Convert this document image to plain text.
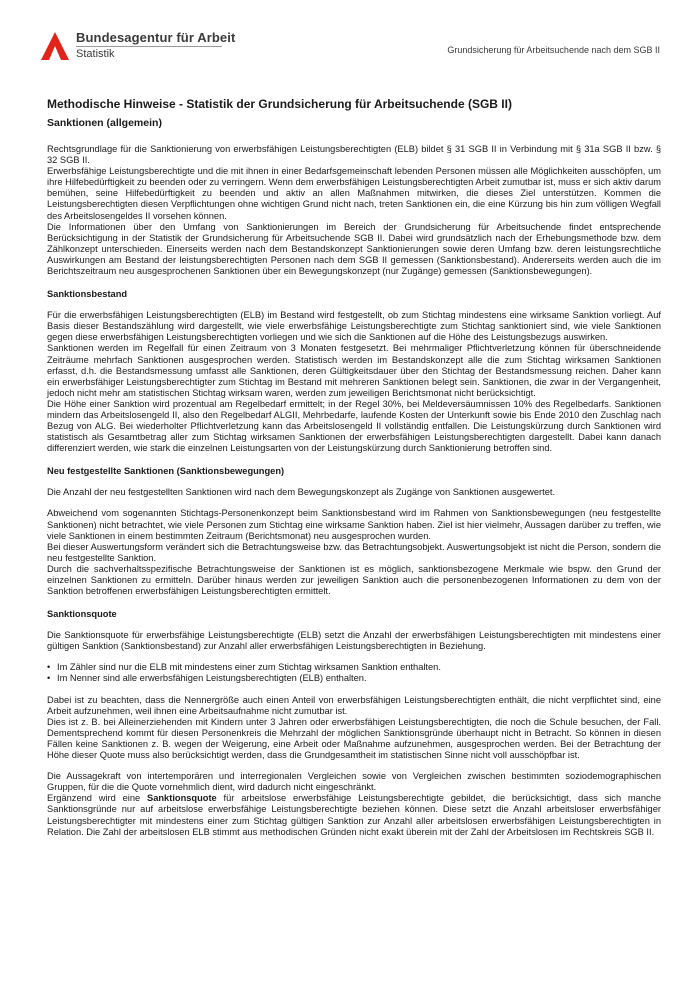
Bundesagentur für Arbeit
Statistik	Grundsicherung für Arbeitsuchende nach dem SGB II
Methodische Hinweise - Statistik der Grundsicherung für Arbeitsuchende (SGB II)
Sanktionen (allgemein)

Rechtsgrundlage für die Sanktionierung von erwerbsfähigen Leistungsberechtigten (ELB) bildet § 31 SGB II in Verbindung mit § 31a SGB II bzw. § 32 SGB II.

Erwerbsfähige Leistungsberechtigte und die mit ihnen in einer Bedarfsgemeinschaft lebenden Personen müssen alle Möglichkeiten ausschöpfen, um ihre Hilfebedürftigkeit zu beenden oder zu verringern. Wenn dem erwerbsfähigen Leistungsberechtigten Arbeit zumutbar ist, muss er sich aktiv darum bemühen, seine Hilfebedürftigkeit zu beenden und aktiv an allen Maßnahmen mitwirken, die dieses Ziel unterstützen. Kommen die Leistungsberechtigten diesen Verpflichtungen ohne wichtigen Grund nicht nach, treten Sanktionen ein, die eine Kürzung bis hin zum völligen Wegfall des Arbeitslosengeldes II vorsehen können.

Die Informationen über den Umfang von Sanktionierungen im Bereich der Grundsicherung für Arbeitsuchende findet entsprechende Berücksichtigung in der Statistik der Grundsicherung für Arbeitsuchende SGB II. Dabei wird grundsätzlich nach der Erhebungsmethode bzw. dem Zählkonzept unterschieden. Einerseits werden nach dem Bestandskonzept Sanktionierungen sowie deren Umfang bzw. deren leistungsrechtliche Auswirkungen am Bestand der leistungsberechtigten Personen nach dem SGB II gemessen (Sanktionsbestand). Andererseits werden auch die im Berichtszeitraum neu ausgesprochenen Sanktionen über ein Bewegungskonzept (nur Zugänge) gemessen (Sanktionsbewegungen).

Sanktionsbestand

Für die erwerbsfähigen Leistungsberechtigten (ELB) im Bestand wird festgestellt, ob zum Stichtag mindestens eine wirksame Sanktion vorliegt. Auf Basis dieser Bestandszählung wird dargestellt, wie viele erwerbsfähige Leistungsberechtigte zum Stichtag sanktioniert sind, wie viele Sanktionen gegen diese erwerbsfähigen Leistungsberechtigten vorliegen und wie sich die Sanktionen auf die Höhe des Leistungsbezugs auswirken.

Sanktionen werden im Regelfall für einen Zeitraum von 3 Monaten festgesetzt. Bei mehrmaliger Pflichtverletzung können für überschneidende Zeiträume mehrfach Sanktionen ausgesprochen werden. Statistisch werden im Bestandskonzept alle die zum Stichtag wirksamen Sanktionen erfasst, d.h. die Bestandsmessung umfasst alle Sanktionen, deren Gültigkeitsdauer über den Stichtag der Bestandsmessung reichen. Daher kann ein erwerbsfähiger Leistungsberechtigter zum Stichtag im Bestand mit mehreren Sanktionen belegt sein. Sanktionen, die zwar in der Vergangenheit, jedoch nicht mehr am statistischen Stichtag wirksam waren, werden zum jeweiligen Berichtsmonat nicht berücksichtigt.

Die Höhe einer Sanktion wird prozentual am Regelbedarf ermittelt; in der Regel 30%, bei Meldeversäumnissen 10% des Regelbedarfs. Sanktionen mindern das Arbeitslosengeld II, also den Regelbedarf ALGII, Mehrbedarfe, laufende Kosten der Unterkunft sowie bis Ende 2010 den Zuschlag nach Bezug von ALG. Bei wiederholter Pflichtverletzung kann das Arbeitslosengeld II vollständig entfallen. Die Leistungskürzung durch Sanktionen wird statistisch als Gesamtbetrag aller zum Stichtag wirksamen Sanktionen der erwerbsfähigen Leistungsberechtigten dargestellt. Dabei kann danach differenziert werden, wie stark die einzelnen Leistungsarten von der Leistungskürzung durch Sanktionierung betroffen sind.

Neu festgestellte Sanktionen (Sanktionsbewegungen)

Die Anzahl der neu festgestellten Sanktionen wird nach dem Bewegungskonzept als Zugänge von Sanktionen ausgewertet.

Abweichend vom sogenannten Stichtags-Personenkonzept beim Sanktionsbestand wird im Rahmen von Sanktionsbewegungen (neu festgestellte Sanktionen) nicht betrachtet, wie viele Personen zum Stichtag eine wirksame Sanktion haben. Ziel ist hier vielmehr, Aussagen darüber zu treffen, wie viele Sanktionen in einem bestimmten Zeitraum (Berichtsmonat) neu ausgesprochen wurden.

Bei dieser Auswertungsform verändert sich die Betrachtungsweise bzw. das Betrachtungsobjekt. Auswertungsobjekt ist nicht die Person, sondern die neu festgestellte Sanktion.

Durch die sachverhaltsspezifische Betrachtungsweise der Sanktionen ist es möglich, sanktionsbezogene Merkmale wie bspw. den Grund der einzelnen Sanktionen zu ermitteln. Darüber hinaus werden zur jeweiligen Sanktion auch die personenbezogenen Informationen zu dem von der Sanktion betroffenen erwerbsfähigen Leistungsberechtigten ermittelt.

Sanktionsquote

Die Sanktionsquote für erwerbsfähige Leistungsberechtigte (ELB) setzt die Anzahl der erwerbsfähigen Leistungsberechtigten mit mindestens einer gültigen Sanktion (Sanktionsbestand) zur Anzahl aller erwerbsfähigen Leistungsberechtigten in Beziehung.

• Im Zähler sind nur die ELB mit mindestens einer zum Stichtag wirksamen Sanktion enthalten.
• Im Nenner sind alle erwerbsfähigen Leistungsberechtigten (ELB) enthalten.

Dabei ist zu beachten, dass die Nennergröße auch einen Anteil von erwerbsfähigen Leistungsberechtigten enthält, die nicht verpflichtet sind, eine Arbeit aufzunehmen, weil ihnen eine Arbeitsaufnahme nicht zumutbar ist.

Dies ist z. B. bei Alleinerziehenden mit Kindern unter 3 Jahren oder erwerbsfähigen Leistungsberechtigten, die noch die Schule besuchen, der Fall. Dementsprechend kommt für diesen Personenkreis die Mehrzahl der möglichen Sanktionsgründe überhaupt nicht in Betracht. So können in diesen Fällen keine Sanktionen z. B. wegen der Weigerung, eine Arbeit oder Maßnahme aufzunehmen, ausgesprochen werden. Bei der Betrachtung der Höhe dieser Quote muss also berücksichtigt werden, dass die Grundgesamtheit im statistischen Sinne nicht voll ausschöpfbar ist.

Die Aussagekraft von intertemporären und interregionalen Vergleichen sowie von Vergleichen zwischen bestimmten soziodemographischen Gruppen, für die die Quote vornehmlich dient, wird dadurch nicht eingeschränkt.

Ergänzend wird eine Sanktionsquote für arbeitslose erwerbsfähige Leistungsberechtigte gebildet, die berücksichtigt, dass sich manche Sanktionsgründe nur auf arbeitslose erwerbsfähige Leistungsberechtigte beziehen können. Diese setzt die Anzahl arbeitsloser erwerbsfähiger Leistungsberechtigter mit mindestens einer zum Stichtag gültigen Sanktion zur Anzahl aller arbeitslosen erwerbsfähigen Leistungsberechtigten in Relation. Die Zahl der arbeitslosen ELB stimmt aus methodischen Gründen nicht exakt überein mit der Zahl der Arbeitslosen im Rechtskreis SGB II.
